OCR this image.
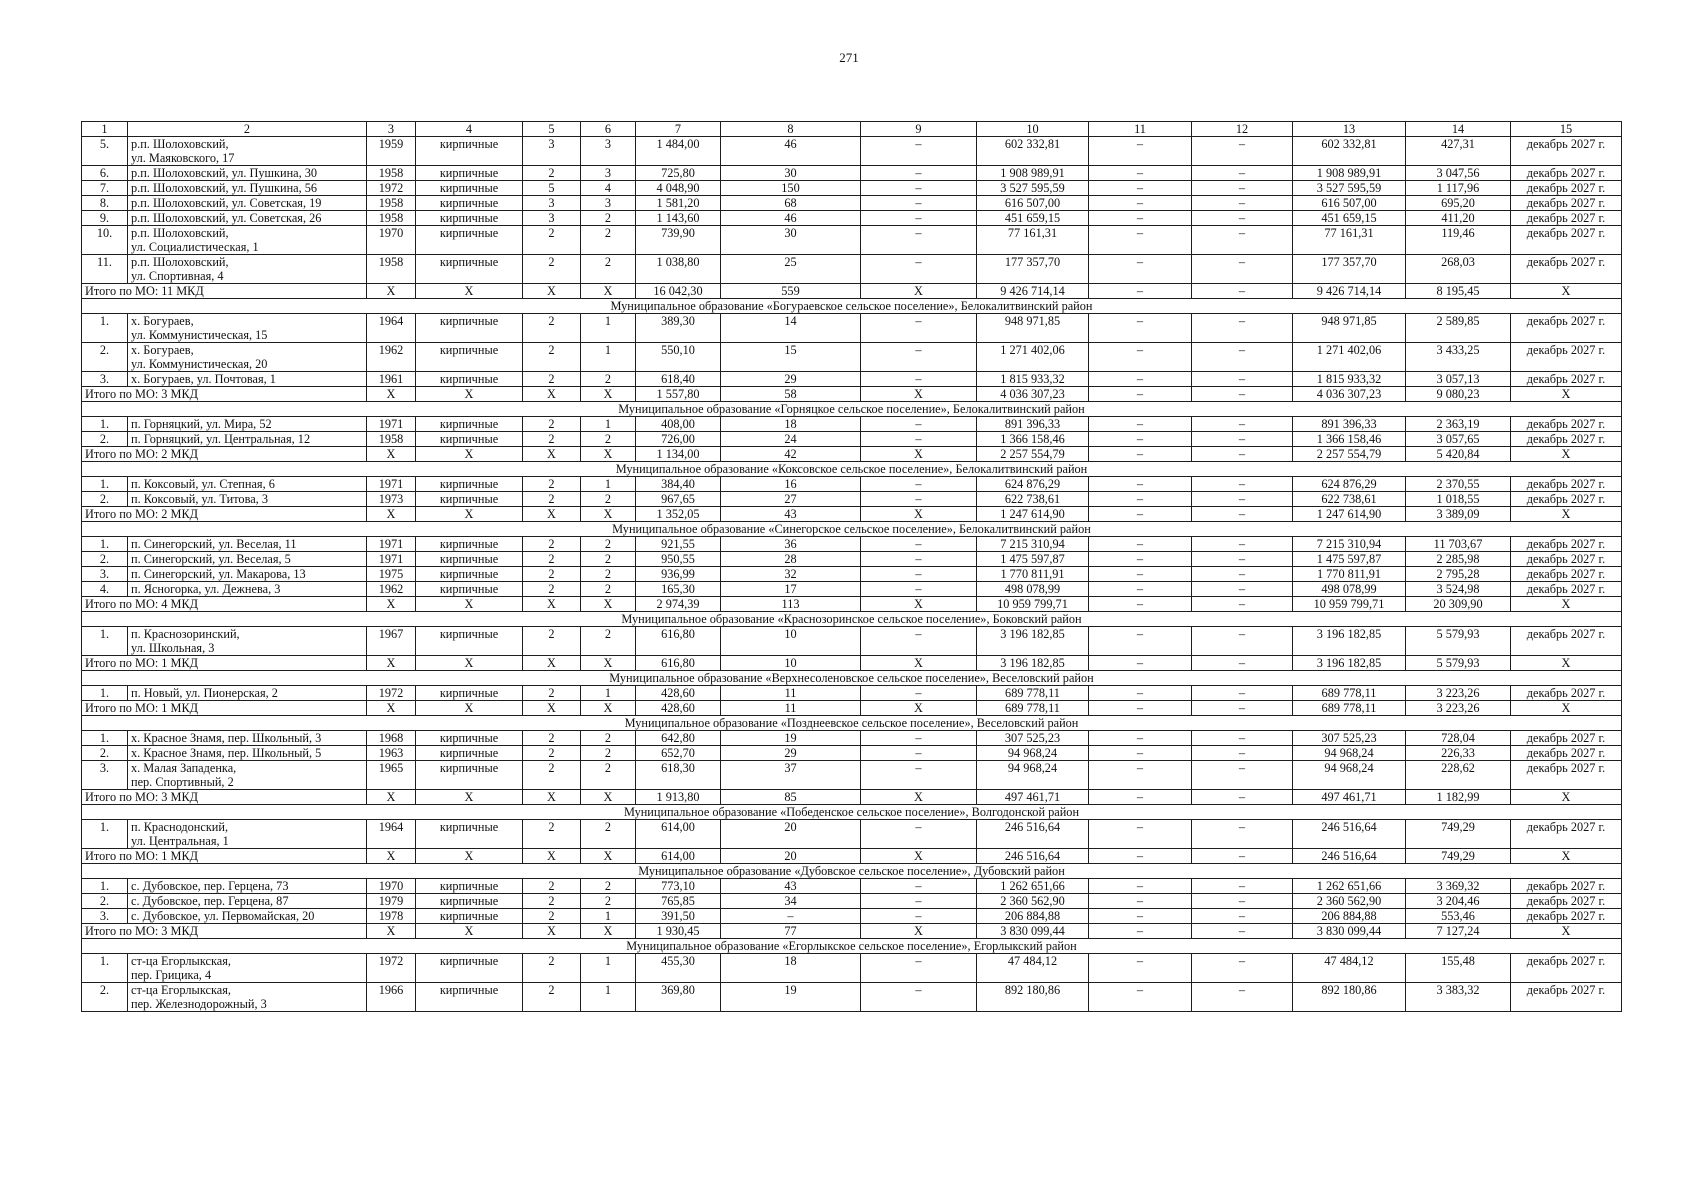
271
1	2	3	4	5	6	7	8	9	10	11	12	13	14	15
5.	р.п. Шолоховский,
ул. Маяковского, 17	1959	кирпичные	3	3	1 484,00	46	–	602 332,81	–	–	602 332,81	427,31	декабрь 2027 г.
6.	р.п. Шолоховский, ул. Пушкина, 30	1958	кирпичные	2	3	725,80	30	–	1 908 989,91	–	–	1 908 989,91	3 047,56	декабрь 2027 г.
7.	р.п. Шолоховский, ул. Пушкина, 56	1972	кирпичные	5	4	4 048,90	150	–	3 527 595,59	–	–	3 527 595,59	1 117,96	декабрь 2027 г.
8.	р.п. Шолоховский, ул. Советская, 19	1958	кирпичные	3	3	1 581,20	68	–	616 507,00	–	–	616 507,00	695,20	декабрь 2027 г.
9.	р.п. Шолоховский, ул. Советская, 26	1958	кирпичные	3	2	1 143,60	46	–	451 659,15	–	–	451 659,15	411,20	декабрь 2027 г.
10.	р.п. Шолоховский,
ул. Социалистическая, 1	1970	кирпичные	2	2	739,90	30	–	77 161,31	–	–	77 161,31	119,46	декабрь 2027 г.
11.	р.п. Шолоховский,
ул. Спортивная, 4	1958	кирпичные	2	2	1 038,80	25	–	177 357,70	–	–	177 357,70	268,03	декабрь 2027 г.
Итого по МО: 11 МКД		X	X	X	X	16 042,30	559	X	9 426 714,14	–	–	9 426 714,14	8 195,45	X
Муниципальное образование «Богураевское сельское поселение», Белокалитвинский район														
1.	х. Богураев,
ул. Коммунистическая, 15	1964	кирпичные	2	1	389,30	14	–	948 971,85	–	–	948 971,85	2 589,85	декабрь 2027 г.
2.	х. Богураев,
ул. Коммунистическая, 20	1962	кирпичные	2	1	550,10	15	–	1 271 402,06	–	–	1 271 402,06	3 433,25	декабрь 2027 г.
3.	х. Богураев, ул. Почтовая, 1	1961	кирпичные	2	2	618,40	29	–	1 815 933,32	–	–	1 815 933,32	3 057,13	декабрь 2027 г.
Итого по МО: 3 МКД		X	X	X	X	1 557,80	58	X	4 036 307,23	–	–	4 036 307,23	9 080,23	X
Муниципальное образование «Горняцкое сельское поселение», Белокалитвинский район														
1.	п. Горняцкий, ул. Мира, 52	1971	кирпичные	2	1	408,00	18	–	891 396,33	–	–	891 396,33	2 363,19	декабрь 2027 г.
2.	п. Горняцкий, ул. Центральная, 12	1958	кирпичные	2	2	726,00	24	–	1 366 158,46	–	–	1 366 158,46	3 057,65	декабрь 2027 г.
Итого по МО: 2 МКД		X	X	X	X	1 134,00	42	X	2 257 554,79	–	–	2 257 554,79	5 420,84	X
Муниципальное образование «Коксовское сельское поселение», Белокалитвинский район														
1.	п. Коксовый, ул. Степная, 6	1971	кирпичные	2	1	384,40	16	–	624 876,29	–	–	624 876,29	2 370,55	декабрь 2027 г.
2.	п. Коксовый, ул. Титова, 3	1973	кирпичные	2	2	967,65	27	–	622 738,61	–	–	622 738,61	1 018,55	декабрь 2027 г.
Итого по МО: 2 МКД		X	X	X	X	1 352,05	43	X	1 247 614,90	–	–	1 247 614,90	3 389,09	X
Муниципальное образование «Синегорское сельское поселение», Белокалитвинский район														
1.	п. Синегорский, ул. Веселая, 11	1971	кирпичные	2	2	921,55	36	–	7 215 310,94	–	–	7 215 310,94	11 703,67	декабрь 2027 г.
2.	п. Синегорский, ул. Веселая, 5	1971	кирпичные	2	2	950,55	28	–	1 475 597,87	–	–	1 475 597,87	2 285,98	декабрь 2027 г.
3.	п. Синегорский, ул. Макарова, 13	1975	кирпичные	2	2	936,99	32	–	1 770 811,91	–	–	1 770 811,91	2 795,28	декабрь 2027 г.
4.	п. Ясногорка, ул. Дежнева, 3	1962	кирпичные	2	2	165,30	17	–	498 078,99	–	–	498 078,99	3 524,98	декабрь 2027 г.
Итого по МО: 4 МКД		X	X	X	X	2 974,39	113	X	10 959 799,71	–	–	10 959 799,71	20 309,90	X
Муниципальное образование «Краснозоринское сельское поселение», Боковский район														
1.	п. Краснозоринский,
ул. Школьная, 3	1967	кирпичные	2	2	616,80	10	–	3 196 182,85	–	–	3 196 182,85	5 579,93	декабрь 2027 г.
Итого по МО: 1 МКД		X	X	X	X	616,80	10	X	3 196 182,85	–	–	3 196 182,85	5 579,93	X
Муниципальное образование «Верхнесоленовское сельское поселение», Веселовский район														
1.	п. Новый, ул. Пионерская, 2	1972	кирпичные	2	1	428,60	11	–	689 778,11	–	–	689 778,11	3 223,26	декабрь 2027 г.
Итого по МО: 1 МКД		X	X	X	X	428,60	11	X	689 778,11	–	–	689 778,11	3 223,26	X
Муниципальное образование «Позднеевское сельское поселение», Веселовский район														
1.	х. Красное Знамя, пер. Школьный, 3	1968	кирпичные	2	2	642,80	19	–	307 525,23	–	–	307 525,23	728,04	декабрь 2027 г.
2.	х. Красное Знамя, пер. Школьный, 5	1963	кирпичные	2	2	652,70	29	–	94 968,24	–	–	94 968,24	226,33	декабрь 2027 г.
3.	х. Малая Западенка,
пер. Спортивный, 2	1965	кирпичные	2	2	618,30	37	–	94 968,24	–	–	94 968,24	228,62	декабрь 2027 г.
Итого по МО: 3 МКД		X	X	X	X	1 913,80	85	X	497 461,71	–	–	497 461,71	1 182,99	X
Муниципальное образование «Победенское сельское поселение», Волгодонской район														
1.	п. Краснодонский,
ул. Центральная, 1	1964	кирпичные	2	2	614,00	20	–	246 516,64	–	–	246 516,64	749,29	декабрь 2027 г.
Итого по МО: 1 МКД		X	X	X	X	614,00	20	X	246 516,64	–	–	246 516,64	749,29	X
Муниципальное образование «Дубовское сельское поселение», Дубовский район														
1.	с. Дубовское, пер. Герцена, 73	1970	кирпичные	2	2	773,10	43	–	1 262 651,66	–	–	1 262 651,66	3 369,32	декабрь 2027 г.
2.	с. Дубовское, пер. Герцена, 87	1979	кирпичные	2	2	765,85	34	–	2 360 562,90	–	–	2 360 562,90	3 204,46	декабрь 2027 г.
3.	с. Дубовское, ул. Первомайская, 20	1978	кирпичные	2	1	391,50	–	–	206 884,88	–	–	206 884,88	553,46	декабрь 2027 г.
Итого по МО: 3 МКД		X	X	X	X	1 930,45	77	X	3 830 099,44	–	–	3 830 099,44	7 127,24	X
Муниципальное образование «Егорлыкское сельское поселение», Егорлыкский район														
1.	ст-ца Егорлыкская,
пер. Грицика, 4	1972	кирпичные	2	1	455,30	18	–	47 484,12	–	–	47 484,12	155,48	декабрь 2027 г.
2.	ст-ца Егорлыкская,
пер. Железнодорожный, 3	1966	кирпичные	2	1	369,80	19	–	892 180,86	–	–	892 180,86	3 383,32	декабрь 2027 г.
